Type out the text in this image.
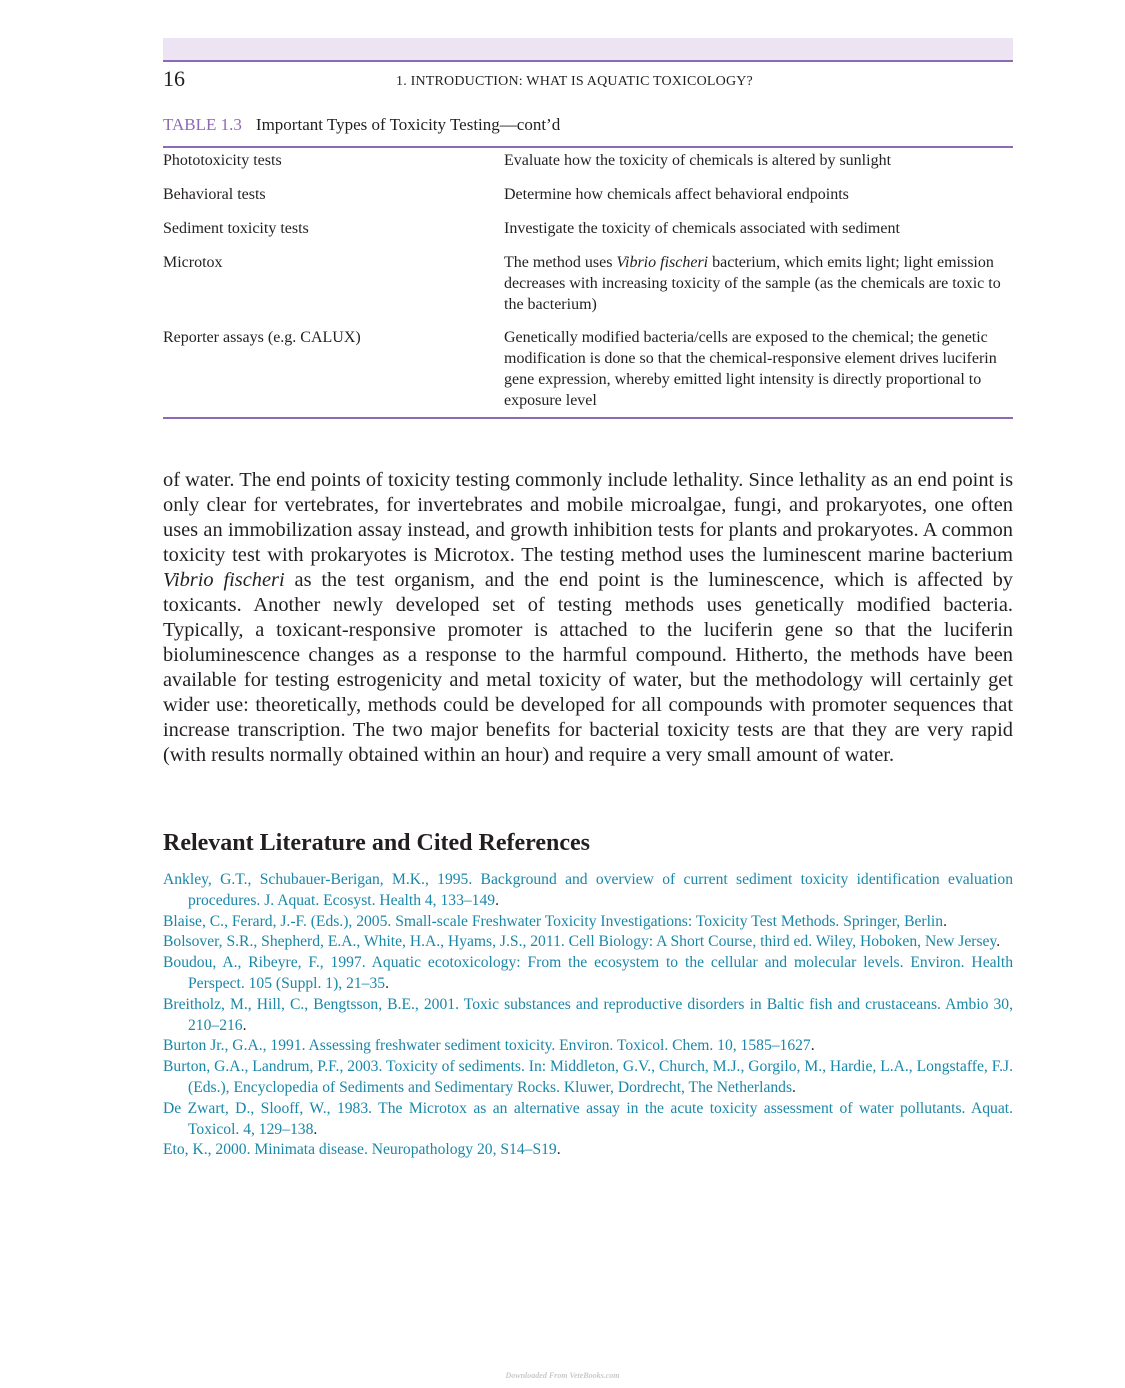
16	1. INTRODUCTION: WHAT IS AQUATIC TOXICOLOGY?
TABLE 1.3 Important Types of Toxicity Testing—cont’d
Phototoxicity tests	Evaluate how the toxicity of chemicals is altered by sunlight
Behavioral tests	Determine how chemicals affect behavioral endpoints
Sediment toxicity tests	Investigate the toxicity of chemicals associated with sediment
Microtox	The method uses Vibrio fischeri bacterium, which emits light; light emission decreases with increasing toxicity of the sample (as the chemicals are toxic to the bacterium)
Reporter assays (e.g. CALUX)	Genetically modified bacteria/cells are exposed to the chemical; the genetic modification is done so that the chemical-responsive element drives luciferin gene expression, whereby emitted light intensity is directly proportional to exposure level

of water. The end points of toxicity testing commonly include lethality. Since lethality as an end point is only clear for vertebrates, for invertebrates and mobile microalgae, fungi, and prokaryotes, one often uses an immobilization assay instead, and growth inhibition tests for plants and prokaryotes. A common toxicity test with prokaryotes is Microtox. The testing method uses the luminescent marine bacterium Vibrio fischeri as the test organism, and the end point is the luminescence, which is affected by toxicants. Another newly developed set of testing methods uses genetically modified bacteria. Typically, a toxicant-responsive promoter is attached to the luciferin gene so that the luciferin bioluminescence changes as a response to the harmful compound. Hitherto, the methods have been available for testing estrogenicity and metal toxicity of water, but the methodology will certainly get wider use: theoretically, methods could be developed for all compounds with promoter sequences that increase transcription. The two major benefits for bacterial toxicity tests are that they are very rapid (with results normally obtained within an hour) and require a very small amount of water.

Relevant Literature and Cited References
Ankley, G.T., Schubauer-Berigan, M.K., 1995. Background and overview of current sediment toxicity identification evaluation procedures. J. Aquat. Ecosyst. Health 4, 133–149.
Blaise, C., Ferard, J.-F. (Eds.), 2005. Small-scale Freshwater Toxicity Investigations: Toxicity Test Methods. Springer, Berlin.
Bolsover, S.R., Shepherd, E.A., White, H.A., Hyams, J.S., 2011. Cell Biology: A Short Course, third ed. Wiley, Hoboken, New Jersey.
Boudou, A., Ribeyre, F., 1997. Aquatic ecotoxicology: From the ecosystem to the cellular and molecular levels. Environ. Health Perspect. 105 (Suppl. 1), 21–35.
Breitholz, M., Hill, C., Bengtsson, B.E., 2001. Toxic substances and reproductive disorders in Baltic fish and crustaceans. Ambio 30, 210–216.
Burton Jr., G.A., 1991. Assessing freshwater sediment toxicity. Environ. Toxicol. Chem. 10, 1585–1627.
Burton, G.A., Landrum, P.F., 2003. Toxicity of sediments. In: Middleton, G.V., Church, M.J., Gorgilo, M., Hardie, L.A., Longstaffe, F.J. (Eds.), Encyclopedia of Sediments and Sedimentary Rocks. Kluwer, Dordrecht, The Netherlands.
De Zwart, D., Slooff, W., 1983. The Microtox as an alternative assay in the acute toxicity assessment of water pollutants. Aquat. Toxicol. 4, 129–138.
Eto, K., 2000. Minimata disease. Neuropathology 20, S14–S19.
Downloaded From VeteBooks.com
